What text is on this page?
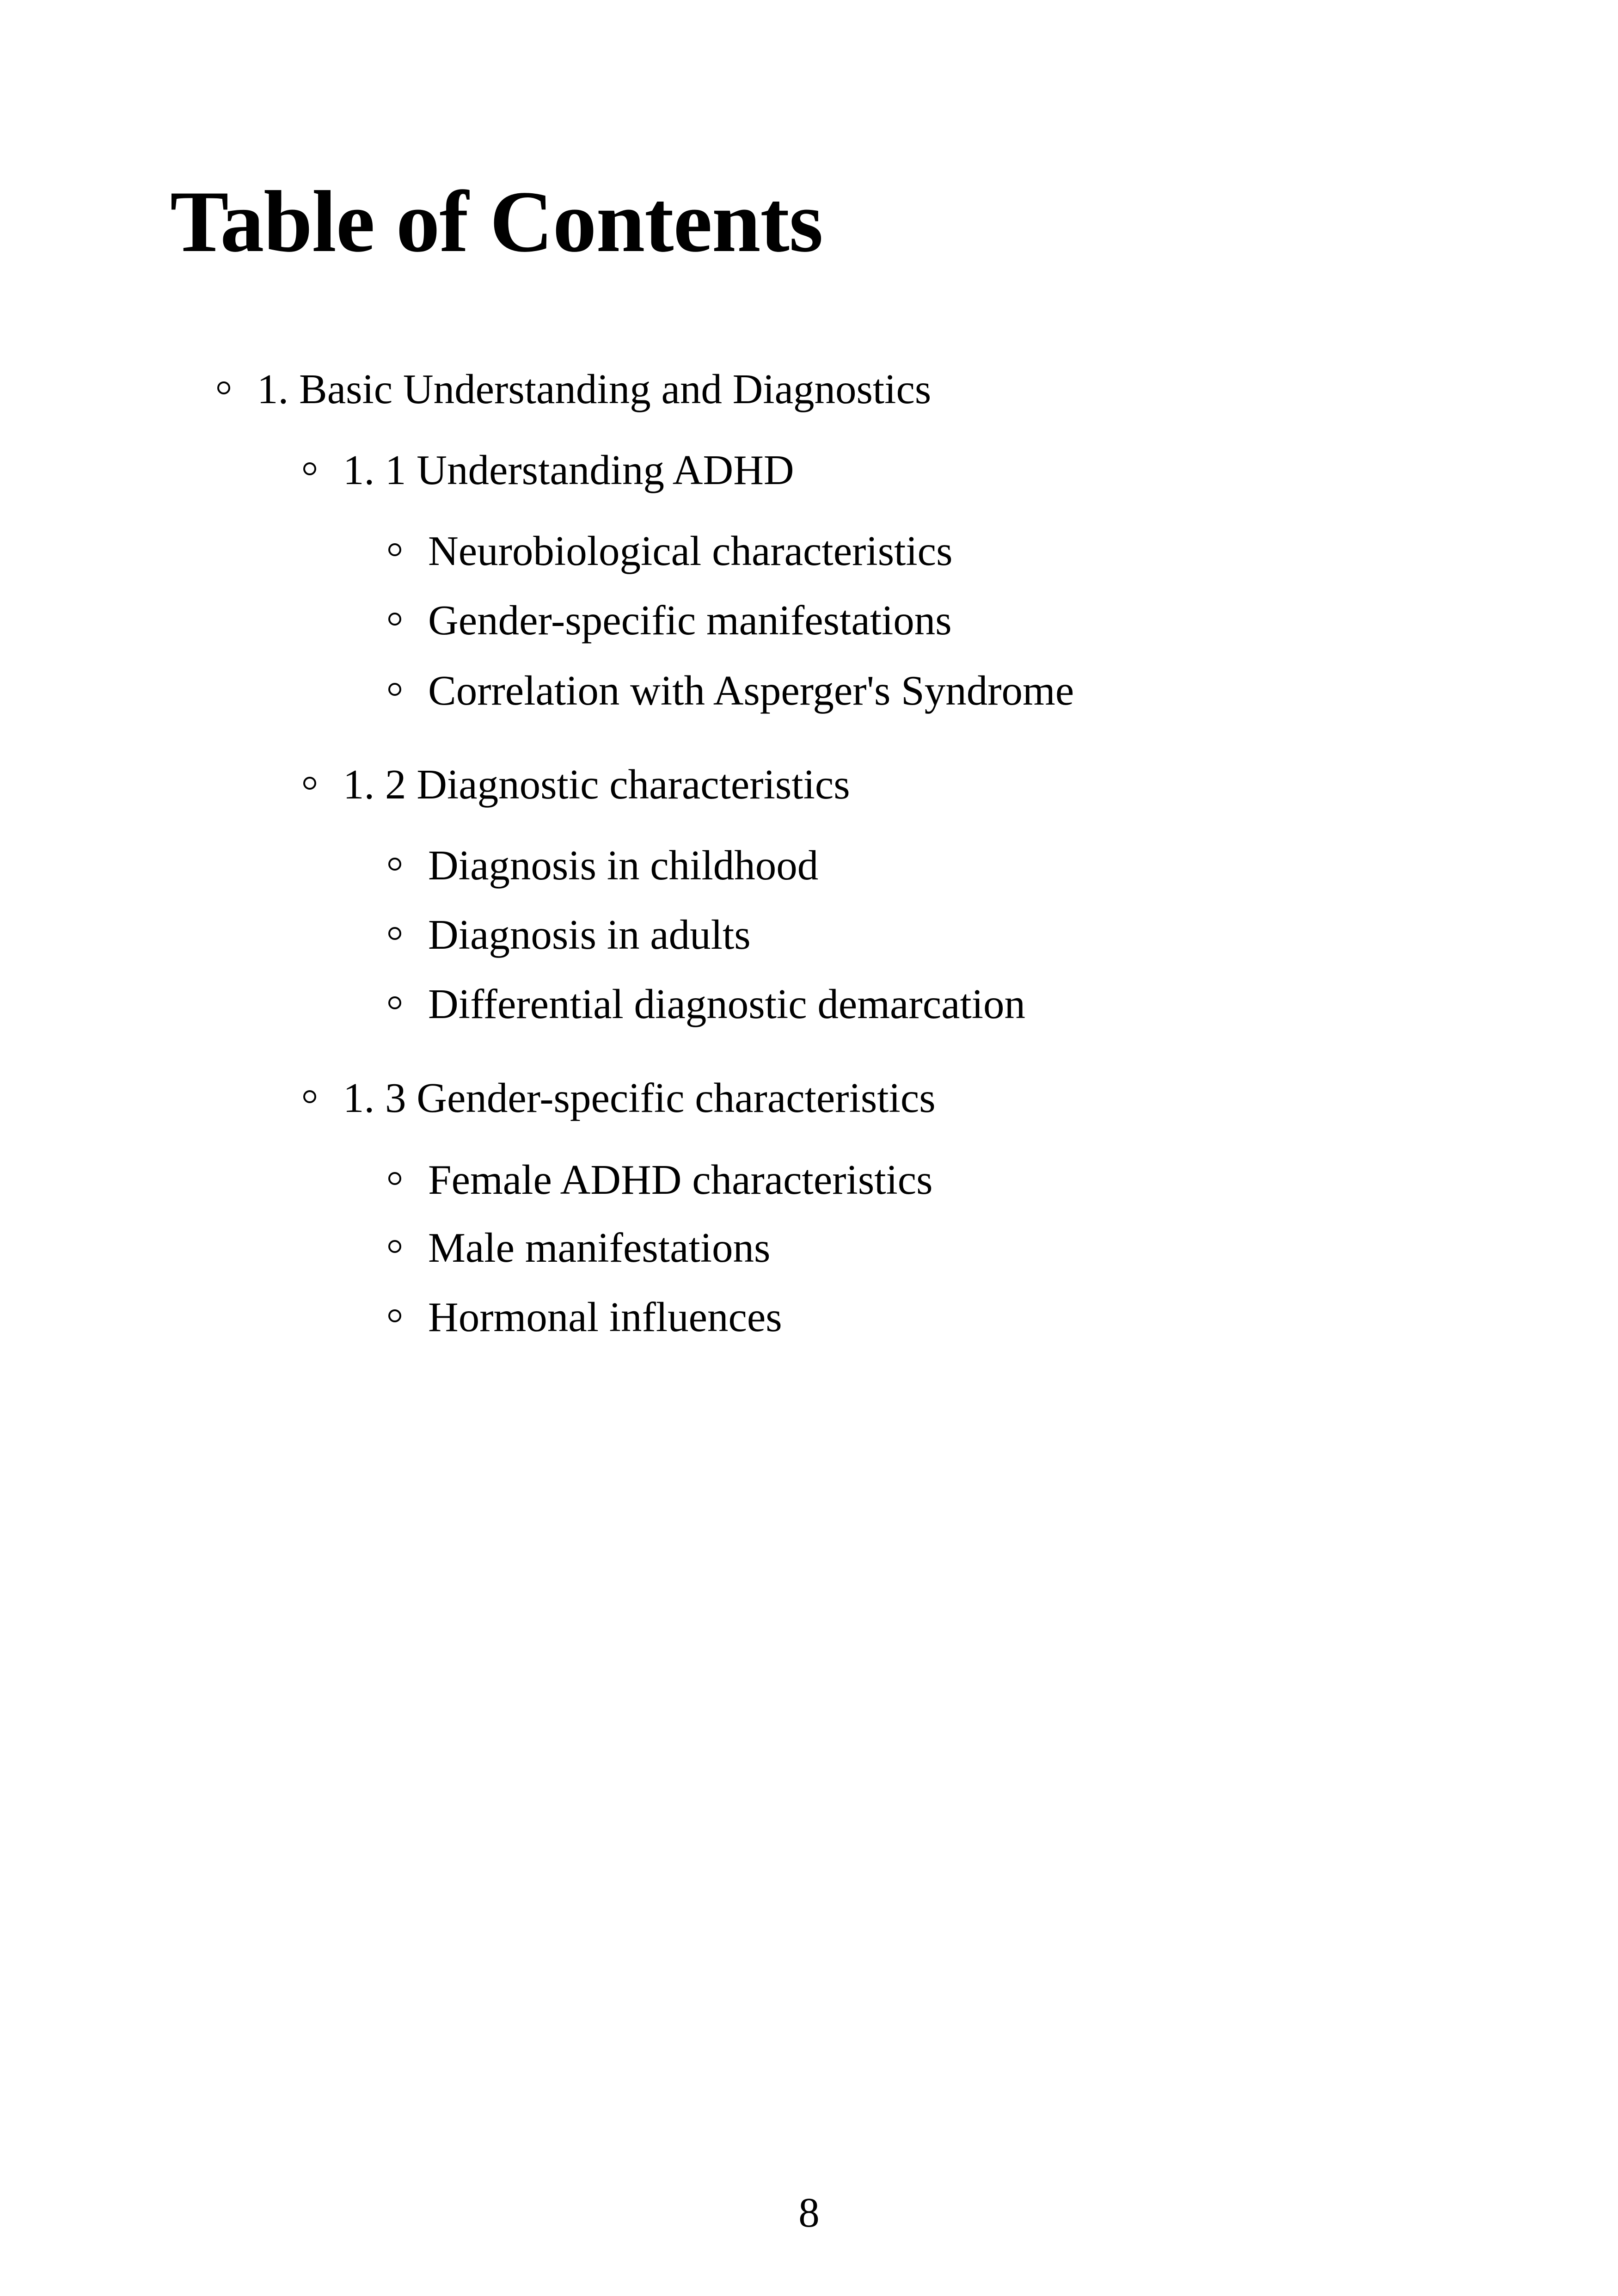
Table of Contents
1. Basic Understanding and Diagnostics
1. 1 Understanding ADHD
Neurobiological characteristics
Gender-specific manifestations
Correlation with Asperger's Syndrome
1. 2 Diagnostic characteristics
Diagnosis in childhood
Diagnosis in adults
Differential diagnostic demarcation
1. 3 Gender-specific characteristics
Female ADHD characteristics
Male manifestations
Hormonal influences
8
